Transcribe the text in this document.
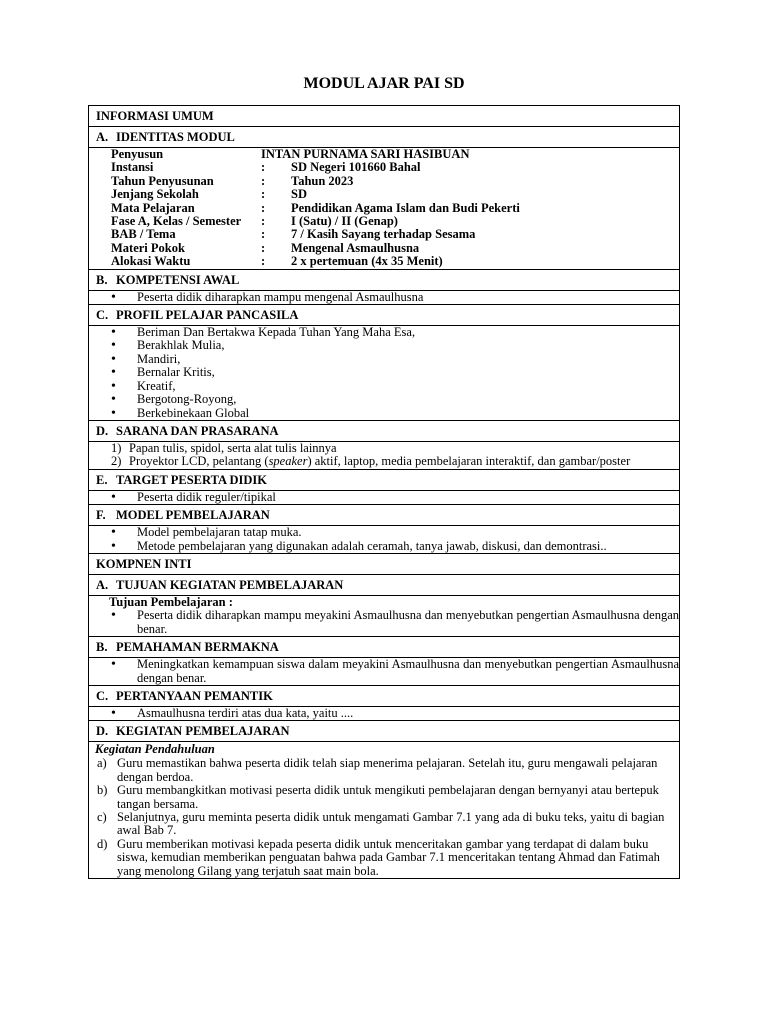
MODUL AJAR PAI SD
INFORMASI UMUM
A. IDENTITAS MODUL

Penyusun	INTAN PURNAMA SARI HASIBUAN
Instansi	:	SD Negeri 101660 Bahal
Tahun Penyusunan	:	Tahun 2023
Jenjang Sekolah	:	SD
Mata Pelajaran	:	Pendidikan Agama Islam dan Budi Pekerti
Fase A, Kelas / Semester	:	I (Satu) / II (Genap)
BAB / Tema	:	7 / Kasih Sayang terhadap Sesama
Materi Pokok	:	Mengenal Asmaulhusna
Alokasi Waktu	:	2 x pertemuan (4x 35 Menit)

B. KOMPETENSI AWAL

• Peserta didik diharapkan mampu mengenal Asmaulhusna

C. PROFIL PELAJAR PANCASILA

• Beriman Dan Bertakwa Kepada Tuhan Yang Maha Esa,
• Berakhlak Mulia,
• Mandiri,
• Bernalar Kritis,
• Kreatif,
• Bergotong-Royong,
• Berkebinekaan Global

D. SARANA DAN PRASARANA

1) Papan tulis, spidol, serta alat tulis lainnya
2) Proyektor LCD, pelantang (speaker) aktif, laptop, media pembelajaran interaktif, dan gambar/poster

E. TARGET PESERTA DIDIK

• Peserta didik reguler/tipikal

F. MODEL PEMBELAJARAN

• Model pembelajaran tatap muka.
• Metode pembelajaran yang digunakan adalah ceramah, tanya jawab, diskusi, dan demontrasi..

KOMPNEN INTI
A. TUJUAN KEGIATAN PEMBELAJARAN

Tujuan Pembelajaran :
• Peserta didik diharapkan mampu meyakini Asmaulhusna dan menyebutkan pengertian Asmaulhusna dengan benar.

B. PEMAHAMAN BERMAKNA

• Meningkatkan kemampuan siswa dalam meyakini Asmaulhusna dan menyebutkan pengertian Asmaulhusna dengan benar.

C. PERTANYAAN PEMANTIK

• Asmaulhusna terdiri atas dua kata, yaitu ....

D. KEGIATAN PEMBELAJARAN

Kegiatan Pendahuluan
a) Guru memastikan bahwa peserta didik telah siap menerima pelajaran. Setelah itu, guru mengawali pelajaran dengan berdoa.
b) Guru membangkitkan motivasi peserta didik untuk mengikuti pembelajaran dengan bernyanyi atau bertepuk tangan bersama.
c) Selanjutnya, guru meminta peserta didik untuk mengamati Gambar 7.1 yang ada di buku teks, yaitu di bagian awal Bab 7.
d) Guru memberikan motivasi kepada peserta didik untuk menceritakan gambar yang terdapat di dalam buku siswa, kemudian memberikan penguatan bahwa pada Gambar 7.1 menceritakan tentang Ahmad dan Fatimah yang menolong Gilang yang terjatuh saat main bola.
